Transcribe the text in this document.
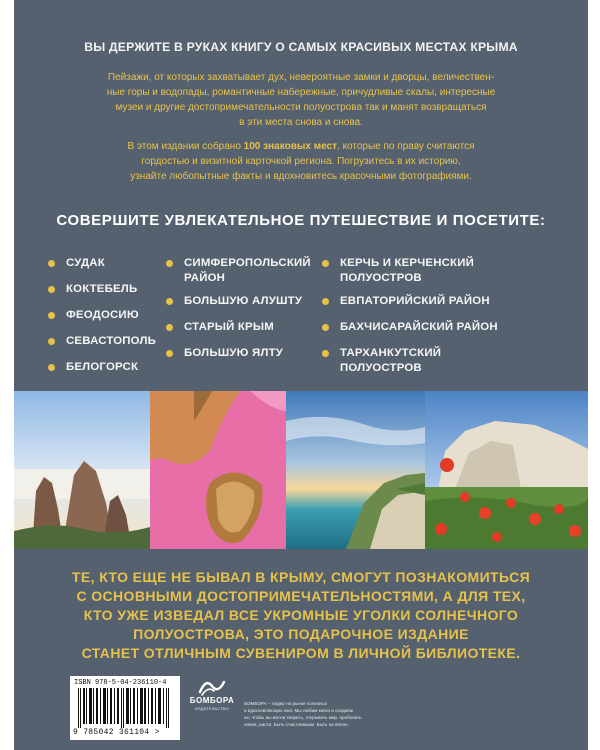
ВЫ ДЕРЖИТЕ В РУКАХ КНИГУ О САМЫХ КРАСИВЫХ МЕСТАХ КРЫМА
Пейзажи, от которых захватывает дух, невероятные замки и дворцы, величествен-
ные горы и водопады, романтичные набережные, причудливые скалы, интересные
музеи и другие достопримечательности полуострова так и манят возвращаться
в эти места снова и снова.
В этом издании собрано 100 знаковых мест, которые по праву считаются
гордостью и визитной карточкой региона. Погрузитесь в их историю,
узнайте любопытные факты и вдохновитесь красочными фотографиями.
СОВЕРШИТЕ УВЛЕКАТЕЛЬНОЕ ПУТЕШЕСТВИЕ И ПОСЕТИТЕ:
СУДАК
КОКТЕБЕЛЬ
ФЕОДОСИЮ
СЕВАСТОПОЛЬ
БЕЛОГОРСК
СИМФЕРОПОЛЬСКИЙ
РАЙОН
БОЛЬШУЮ АЛУШТУ
СТАРЫЙ КРЫМ
БОЛЬШУЮ ЯЛТУ
КЕРЧЬ И КЕРЧЕНСКИЙ
ПОЛУОСТРОВ
ЕВПАТОРИЙСКИЙ РАЙОН
БАХЧИСАРАЙСКИЙ РАЙОН
ТАРХАНКУТСКИЙ
ПОЛУОСТРОВ
ТЕ, КТО ЕЩЕ НЕ БЫВАЛ В КРЫМУ, СМОГУТ ПОЗНАКОМИТЬСЯ
С ОСНОВНЫМИ ДОСТОПРИМЕЧАТЕЛЬНОСТЯМИ, А ДЛЯ ТЕХ,
КТО УЖЕ ИЗВЕДАЛ ВСЕ УКРОМНЫЕ УГОЛКИ СОЛНЕЧНОГО
ПОЛУОСТРОВА, ЭТО ПОДАРОЧНОЕ ИЗДАНИЕ
СТАНЕТ ОТЛИЧНЫМ СУВЕНИРОМ В ЛИЧНОЙ БИБЛИОТЕКЕ.
ISBN 978-5-04-236110-4
9 785042 361104 >
БОМБОРА
ИЗДАТЕЛЬСТВО
БОМБОРА – лидер на рынке полезных
и вдохновляющих книг. Мы любим книги и создаем
их, чтобы вы могли творить, открывать мир, пробовать
новое, расти. Быть счастливыми. Быть на волне.
